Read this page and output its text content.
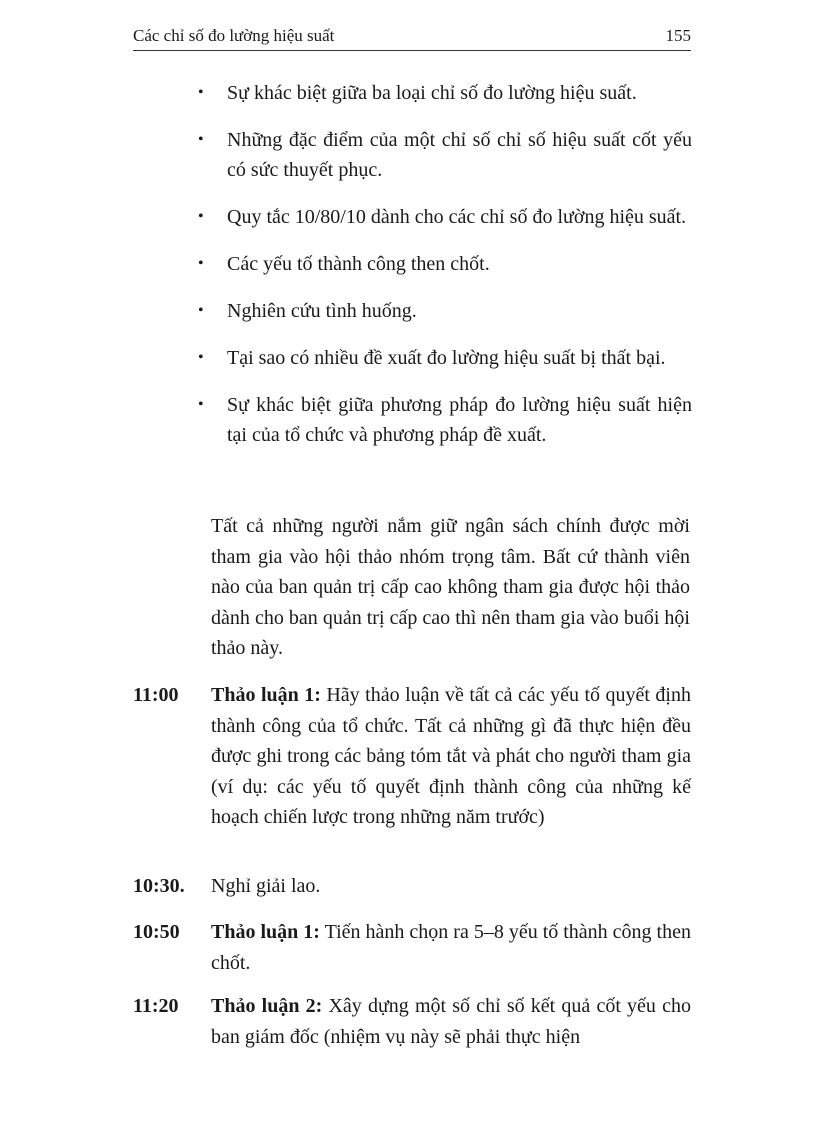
Các chỉ số đo lường hiệu suất	155
• Sự khác biệt giữa ba loại chỉ số đo lường hiệu suất.
• Những đặc điểm của một chỉ số chỉ số hiệu suất cốt yếu có sức thuyết phục.
• Quy tắc 10/80/10 dành cho các chỉ số đo lường hiệu suất.
• Các yếu tố thành công then chốt.
• Nghiên cứu tình huống.
• Tại sao có nhiều đề xuất đo lường hiệu suất bị thất bại.
• Sự khác biệt giữa phương pháp đo lường hiệu suất hiện tại của tổ chức và phương pháp đề xuất.

Tất cả những người nắm giữ ngân sách chính được mời tham gia vào hội thảo nhóm trọng tâm. Bất cứ thành viên nào của ban quản trị cấp cao không tham gia được hội thảo dành cho ban quản trị cấp cao thì nên tham gia vào buổi hội thảo này.

11:00 Thảo luận 1: Hãy thảo luận về tất cả các yếu tố quyết định thành công của tổ chức. Tất cả những gì đã thực hiện đều được ghi trong các bảng tóm tắt và phát cho người tham gia (ví dụ: các yếu tố quyết định thành công của những kế hoạch chiến lược trong những năm trước)
10:30. Nghỉ giải lao.
10:50 Thảo luận 1: Tiến hành chọn ra 5–8 yếu tố thành công then chốt.
11:20 Thảo luận 2: Xây dựng một số chỉ số kết quả cốt yếu cho ban giám đốc (nhiệm vụ này sẽ phải thực hiện
